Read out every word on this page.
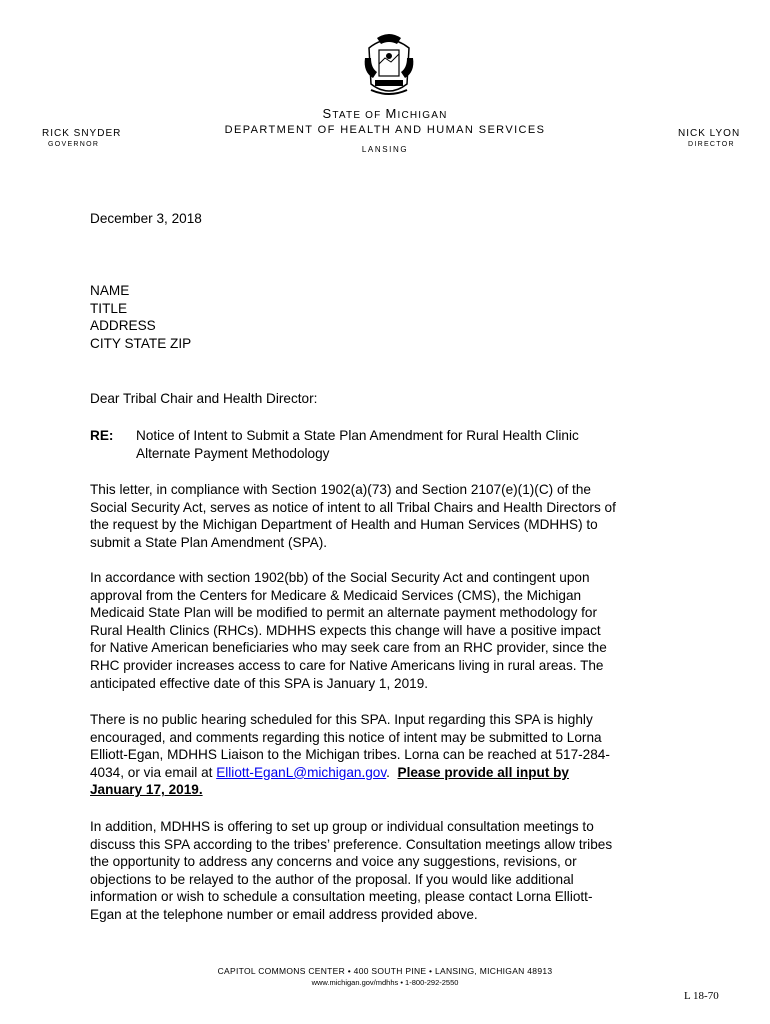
STATE OF MICHIGAN
DEPARTMENT OF HEALTH AND HUMAN SERVICES
LANSING
RICK SNYDER
GOVERNOR
NICK LYON
DIRECTOR
December 3, 2018
NAME
TITLE
ADDRESS
CITY STATE ZIP
Dear Tribal Chair and Health Director:
RE: Notice of Intent to Submit a State Plan Amendment for Rural Health Clinic
Alternate Payment Methodology
This letter, in compliance with Section 1902(a)(73) and Section 2107(e)(1)(C) of the
Social Security Act, serves as notice of intent to all Tribal Chairs and Health Directors of
the request by the Michigan Department of Health and Human Services (MDHHS) to
submit a State Plan Amendment (SPA).
In accordance with section 1902(bb) of the Social Security Act and contingent upon
approval from the Centers for Medicare & Medicaid Services (CMS), the Michigan
Medicaid State Plan will be modified to permit an alternate payment methodology for
Rural Health Clinics (RHCs). MDHHS expects this change will have a positive impact
for Native American beneficiaries who may seek care from an RHC provider, since the
RHC provider increases access to care for Native Americans living in rural areas. The
anticipated effective date of this SPA is January 1, 2019.
There is no public hearing scheduled for this SPA. Input regarding this SPA is highly
encouraged, and comments regarding this notice of intent may be submitted to Lorna
Elliott-Egan, MDHHS Liaison to the Michigan tribes. Lorna can be reached at 517-284-
4034, or via email at Elliott-EganL@michigan.gov.  Please provide all input by
January 17, 2019.
In addition, MDHHS is offering to set up group or individual consultation meetings to
discuss this SPA according to the tribes’ preference. Consultation meetings allow tribes
the opportunity to address any concerns and voice any suggestions, revisions, or
objections to be relayed to the author of the proposal. If you would like additional
information or wish to schedule a consultation meeting, please contact Lorna Elliott-
Egan at the telephone number or email address provided above.
CAPITOL COMMONS CENTER • 400 SOUTH PINE • LANSING, MICHIGAN 48913
www.michigan.gov/mdhhs • 1-800-292-2550
L 18-70
